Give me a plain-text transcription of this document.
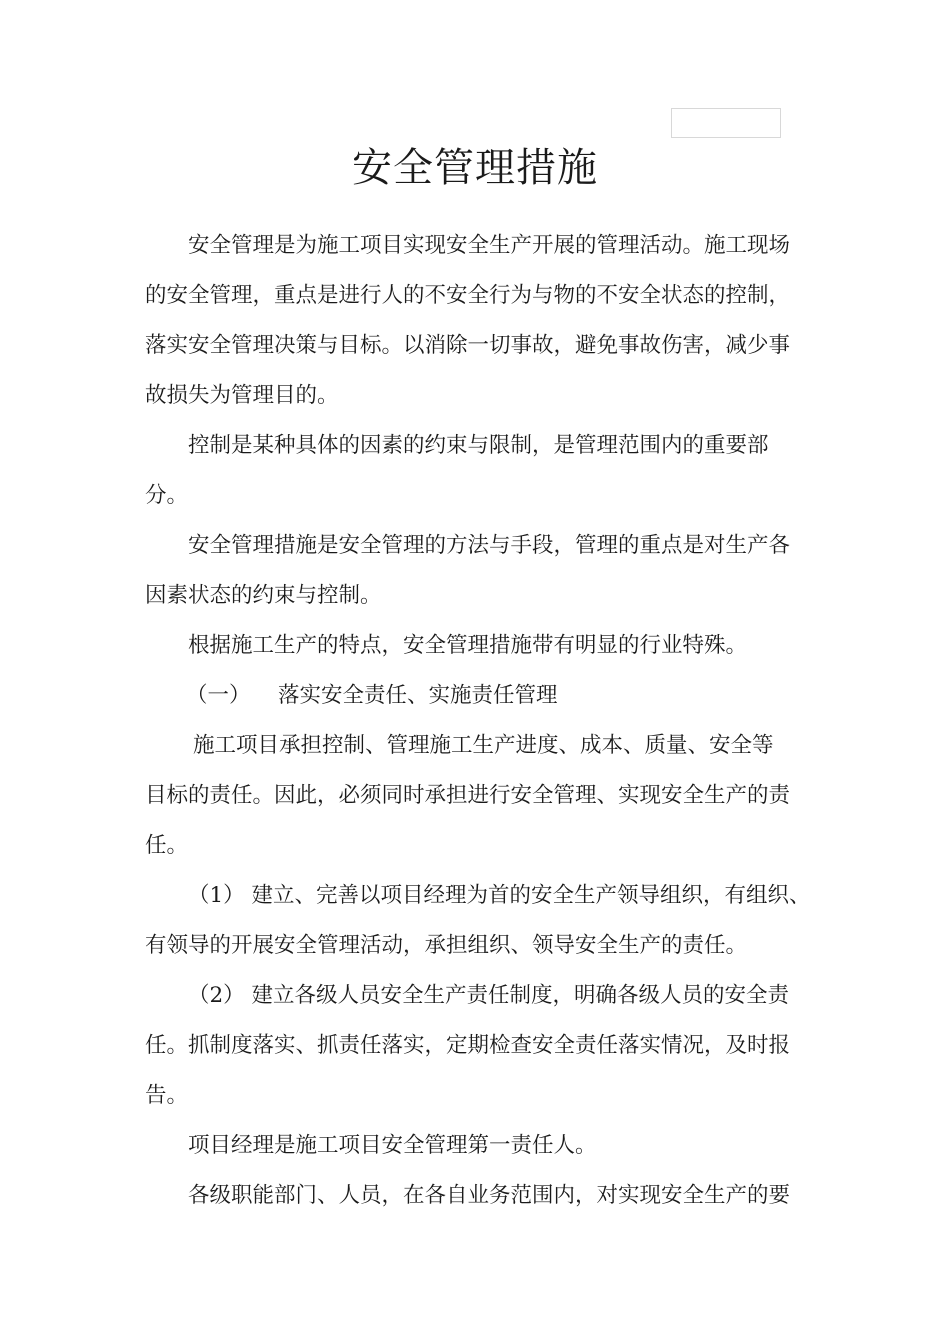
安全管理措施

安全管理是为施工项目实现安全生产开展的管理活动。施工现场

的安全管理，重点是进行人的不安全行为与物的不安全状态的控制，

落实安全管理决策与目标。以消除一切事故，避免事故伤害，减少事

故损失为管理目的。

控制是某种具体的因素的约束与限制，是管理范围内的重要部

分。

安全管理措施是安全管理的方法与手段，管理的重点是对生产各

因素状态的约束与控制。

根据施工生产的特点，安全管理措施带有明显的行业特殊。

（一） 落实安全责任、实施责任管理

施工项目承担控制、管理施工生产进度、成本、质量、安全等

目标的责任。因此，必须同时承担进行安全管理、实现安全生产的责

任。

（1） 建立、完善以项目经理为首的安全生产领导组织，有组织、

有领导的开展安全管理活动，承担组织、领导安全生产的责任。

（2） 建立各级人员安全生产责任制度，明确各级人员的安全责

任。抓制度落实、抓责任落实，定期检查安全责任落实情况，及时报

告。

项目经理是施工项目安全管理第一责任人。

各级职能部门、人员，在各自业务范围内，对实现安全生产的要
